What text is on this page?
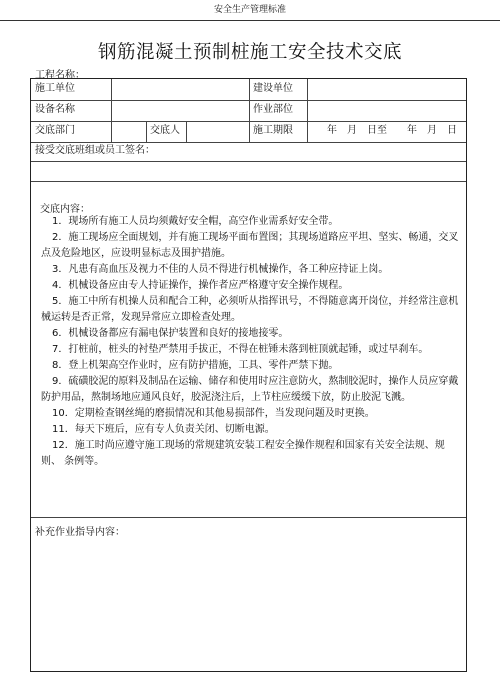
安全生产管理标准
钢筋混凝土预制桩施工安全技术交底
工程名称：
施工单位	建设单位
设备名称	作业部位
交底部门	交底人	施工期限	年　月　日至	年　月　日
接受交底班组或员工签名：
交底内容：
1．现场所有施工人员均须戴好安全帽，高空作业需系好安全带。
2．施工现场应全面规划，并有施工现场平面布置图；其现场道路应平坦、坚实、畅通，交叉 点及危险地区，应设明显标志及围护措施。
3．凡患有高血压及视力不佳的人员不得进行机械操作，各工种应持证上岗。
4．机械设备应由专人持证操作，操作者应严格遵守安全操作规程。
5．施工中所有机操人员和配合工种，必须听从指挥讯号，不得随意离开岗位，并经常注意机 械运转是否正常，发现异常应立即检查处理。
6．机械设备都应有漏电保护装置和良好的接地接零。
7．打桩前，桩头的衬垫严禁用手拔正，不得在桩锤未落到桩顶就起锤，或过早刹车。
8．登上机架高空作业时，应有防护措施，工具、零件严禁下抛。
9．硫磺胶泥的原料及制品在运输、储存和使用时应注意防火，熬制胶泥时，操作人员应穿戴 防护用品，熬制场地应通风良好，胶泥浇注后，上节柱应缓缓下放，防止胶泥飞溅。
10．定期检查钢丝绳的磨损情况和其他易损部件，当发现问题及时更换。
11．每天下班后，应有专人负责关闭、切断电源。
12．施工时尚应遵守施工现场的常规建筑安装工程安全操作规程和国家有关安全法规、规则、 条例等。
补充作业指导内容：
